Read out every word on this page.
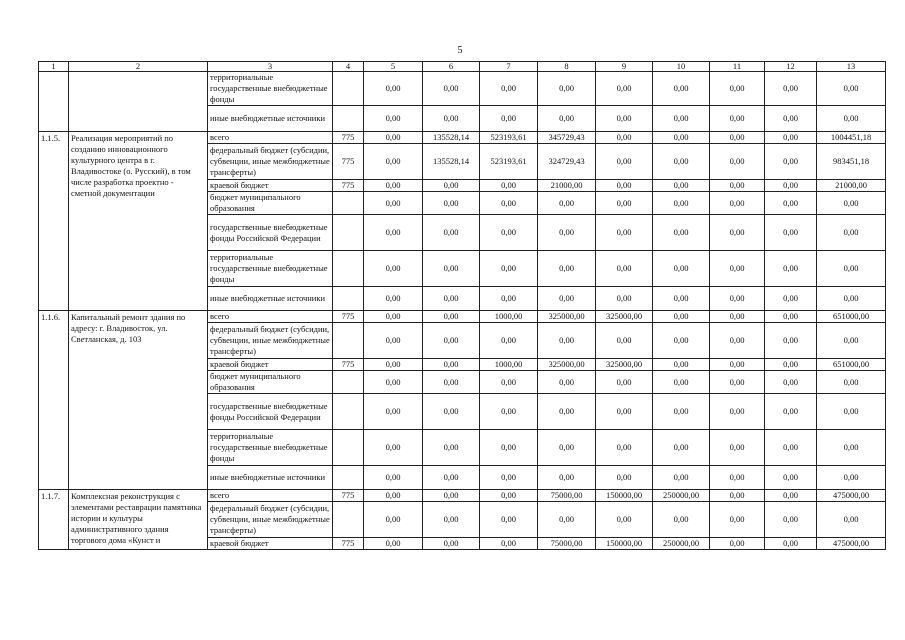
5
1	2	3	4	5	6	7	8	9	10	11	12	13
		территориальные государственные внебюджетные фонды		0,00	0,00	0,00	0,00	0,00	0,00	0,00	0,00	0,00
		иные внебюджетные источники		0,00	0,00	0,00	0,00	0,00	0,00	0,00	0,00	0,00
1.1.5.	Реализация мероприятий по созданию инновационного культурного центра в г. Владивостоке (о. Русский), в том числе разработка проектно - сметной документации	всего	775	0,00	135528,14	523193,61	345729,43	0,00	0,00	0,00	0,00	1004451,18
		федеральный бюджет (субсидии, субвенции, иные межбюджетные трансферты)	775	0,00	135528,14	523193,61	324729,43	0,00	0,00	0,00	0,00	983451,18
		краевой бюджет	775	0,00	0,00	0,00	21000,00	0,00	0,00	0,00	0,00	21000,00
		бюджет муниципального образования		0,00	0,00	0,00	0,00	0,00	0,00	0,00	0,00	0,00
		государственные внебюджетные фонды Российской Федерации		0,00	0,00	0,00	0,00	0,00	0,00	0,00	0,00	0,00
		территориальные государственные внебюджетные фонды		0,00	0,00	0,00	0,00	0,00	0,00	0,00	0,00	0,00
		иные внебюджетные источники		0,00	0,00	0,00	0,00	0,00	0,00	0,00	0,00	0,00
1.1.6.	Капитальный ремонт здания по адресу: г. Владивосток, ул. Светланская, д. 103	всего	775	0,00	0,00	1000,00	325000,00	325000,00	0,00	0,00	0,00	651000,00
		федеральный бюджет (субсидии, субвенции, иные межбюджетные трансферты)		0,00	0,00	0,00	0,00	0,00	0,00	0,00	0,00	0,00
		краевой бюджет	775	0,00	0,00	1000,00	325000,00	325000,00	0,00	0,00	0,00	651000,00
		бюджет муниципального образования		0,00	0,00	0,00	0,00	0,00	0,00	0,00	0,00	0,00
		государственные внебюджетные фонды Российской Федерации		0,00	0,00	0,00	0,00	0,00	0,00	0,00	0,00	0,00
		территориальные государственные внебюджетные фонды		0,00	0,00	0,00	0,00	0,00	0,00	0,00	0,00	0,00
		иные внебюджетные источники		0,00	0,00	0,00	0,00	0,00	0,00	0,00	0,00	0,00
1.1.7.	Комплексная реконструкция с элементами реставрации памятника истории и культуры административного здания торгового дома «Кунст и	всего	775	0,00	0,00	0,00	75000,00	150000,00	250000,00	0,00	0,00	475000,00
		федеральный бюджет (субсидии, субвенции, иные межбюджетные трансферты)		0,00	0,00	0,00	0,00	0,00	0,00	0,00	0,00	0,00
		краевой бюджет	775	0,00	0,00	0,00	75000,00	150000,00	250000,00	0,00	0,00	475000,00
